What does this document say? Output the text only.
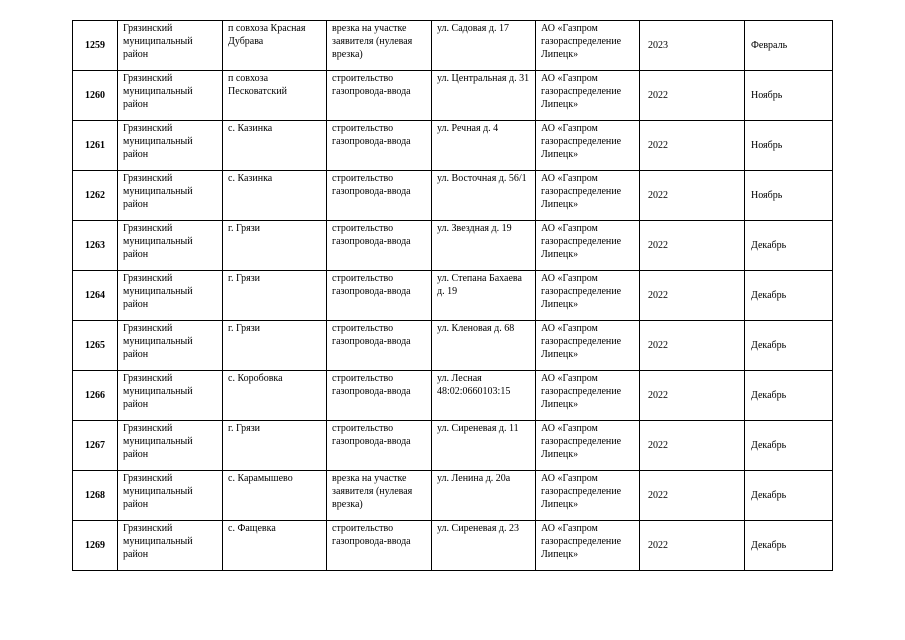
1259	Грязинский муниципальный район	п совхоза Красная Дубрава	врезка на участке заявителя (нулевая врезка)	ул. Садовая д. 17	АО «Газпром газораспределение Липецк»	2023	Февраль
1260	Грязинский муниципальный район	п совхоза Песковатский	строительство газопровода-ввода	ул. Центральная д. 31	АО «Газпром газораспределение Липецк»	2022	Ноябрь
1261	Грязинский муниципальный район	с. Казинка	строительство газопровода-ввода	ул. Речная д. 4	АО «Газпром газораспределение Липецк»	2022	Ноябрь
1262	Грязинский муниципальный район	с. Казинка	строительство газопровода-ввода	ул. Восточная д. 56/1	АО «Газпром газораспределение Липецк»	2022	Ноябрь
1263	Грязинский муниципальный район	г. Грязи	строительство газопровода-ввода	ул. Звездная д. 19	АО «Газпром газораспределение Липецк»	2022	Декабрь
1264	Грязинский муниципальный район	г. Грязи	строительство газопровода-ввода	ул. Степана Бахаева д. 19	АО «Газпром газораспределение Липецк»	2022	Декабрь
1265	Грязинский муниципальный район	г. Грязи	строительство газопровода-ввода	ул. Кленовая д. 68	АО «Газпром газораспределение Липецк»	2022	Декабрь
1266	Грязинский муниципальный район	с. Коробовка	строительство газопровода-ввода	ул. Лесная 48:02:0660103:15	АО «Газпром газораспределение Липецк»	2022	Декабрь
1267	Грязинский муниципальный район	г. Грязи	строительство газопровода-ввода	ул. Сиреневая д. 11	АО «Газпром газораспределение Липецк»	2022	Декабрь
1268	Грязинский муниципальный район	с. Карамышево	врезка на участке заявителя (нулевая врезка)	ул. Ленина д. 20а	АО «Газпром газораспределение Липецк»	2022	Декабрь
1269	Грязинский муниципальный район	с. Фащевка	строительство газопровода-ввода	ул. Сиреневая д. 23	АО «Газпром газораспределение Липецк»	2022	Декабрь
